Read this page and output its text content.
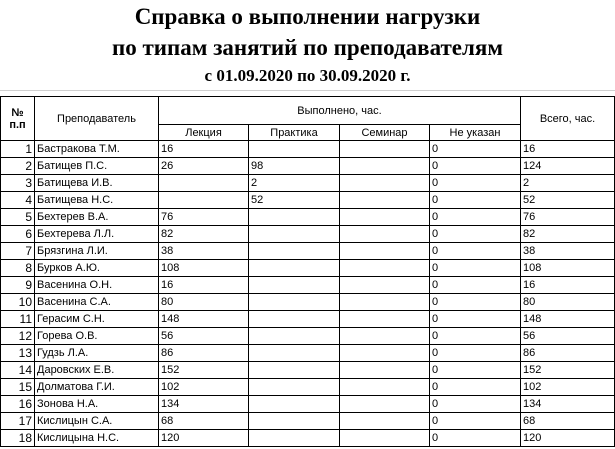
Справка о выполнении нагрузки
по типам занятий по преподавателям
с 01.09.2020 по 30.09.2020 г.
№
п.п	Преподаватель	Выполнено, час.				Всего, час.
		Лекция	Практика	Семинар	Не указан	
1	Бастракова Т.М.	16			0	16
2	Батищев П.С.	26	98		0	124
3	Батищева И.В.		2		0	2
4	Батищева Н.С.		52		0	52
5	Бехтерев В.А.	76			0	76
6	Бехтерева Л.Л.	82			0	82
7	Брязгина Л.И.	38			0	38
8	Бурков А.Ю.	108			0	108
9	Васенина О.Н.	16			0	16
10	Васенина С.А.	80			0	80
11	Герасим С.Н.	148			0	148
12	Горева О.В.	56			0	56
13	Гудзь Л.А.	86			0	86
14	Даровских Е.В.	152			0	152
15	Долматова Г.И.	102			0	102
16	Зонова Н.А.	134			0	134
17	Кислицын С.А.	68			0	68
18	Кислицына Н.С.	120			0	120
